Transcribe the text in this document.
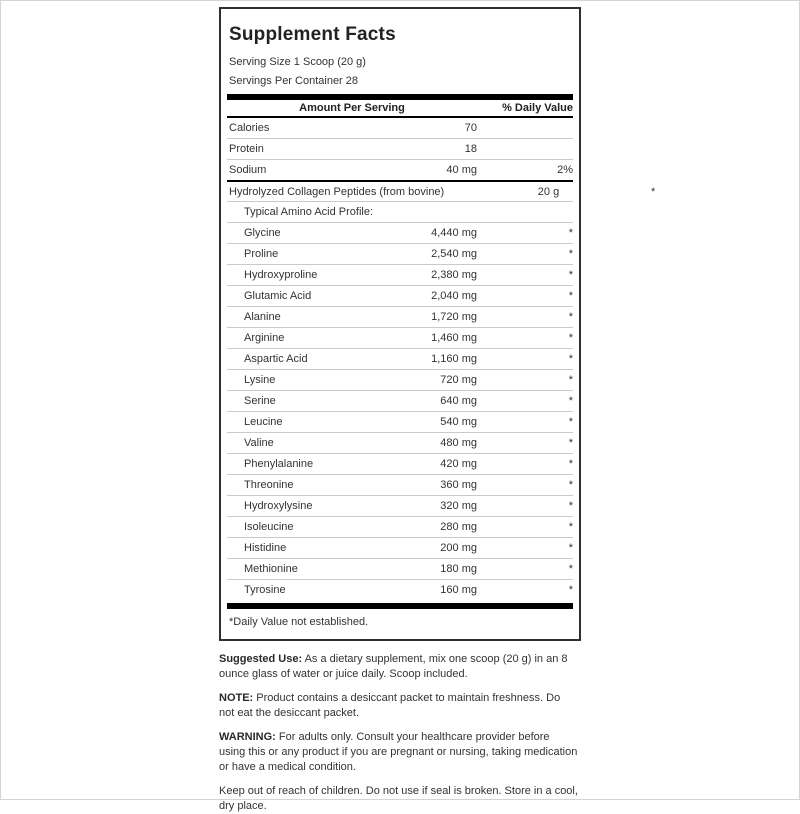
Supplement Facts
Serving Size 1 Scoop (20 g)
Servings Per Container 28
Amount Per Serving	% Daily Value
Calories	70
Protein	18
Sodium	40 mg	2%
Hydrolyzed Collagen Peptides (from bovine)	20 g	*
Typical Amino Acid Profile:
Glycine	4,440 mg	*
Proline	2,540 mg	*
Hydroxyproline	2,380 mg	*
Glutamic Acid	2,040 mg	*
Alanine	1,720 mg	*
Arginine	1,460 mg	*
Aspartic Acid	1,160 mg	*
Lysine	720 mg	*
Serine	640 mg	*
Leucine	540 mg	*
Valine	480 mg	*
Phenylalanine	420 mg	*
Threonine	360 mg	*
Hydroxylysine	320 mg	*
Isoleucine	280 mg	*
Histidine	200 mg	*
Methionine	180 mg	*
Tyrosine	160 mg	*
*Daily Value not established.

Suggested Use: As a dietary supplement, mix one scoop (20 g) in an 8
ounce glass of water or juice daily. Scoop included.

NOTE: Product contains a desiccant packet to maintain freshness. Do
not eat the desiccant packet.

WARNING: For adults only. Consult your healthcare provider before
using this or any product if you are pregnant or nursing, taking medication
or have a medical condition.

Keep out of reach of children. Do not use if seal is broken. Store in a cool,
dry place.
